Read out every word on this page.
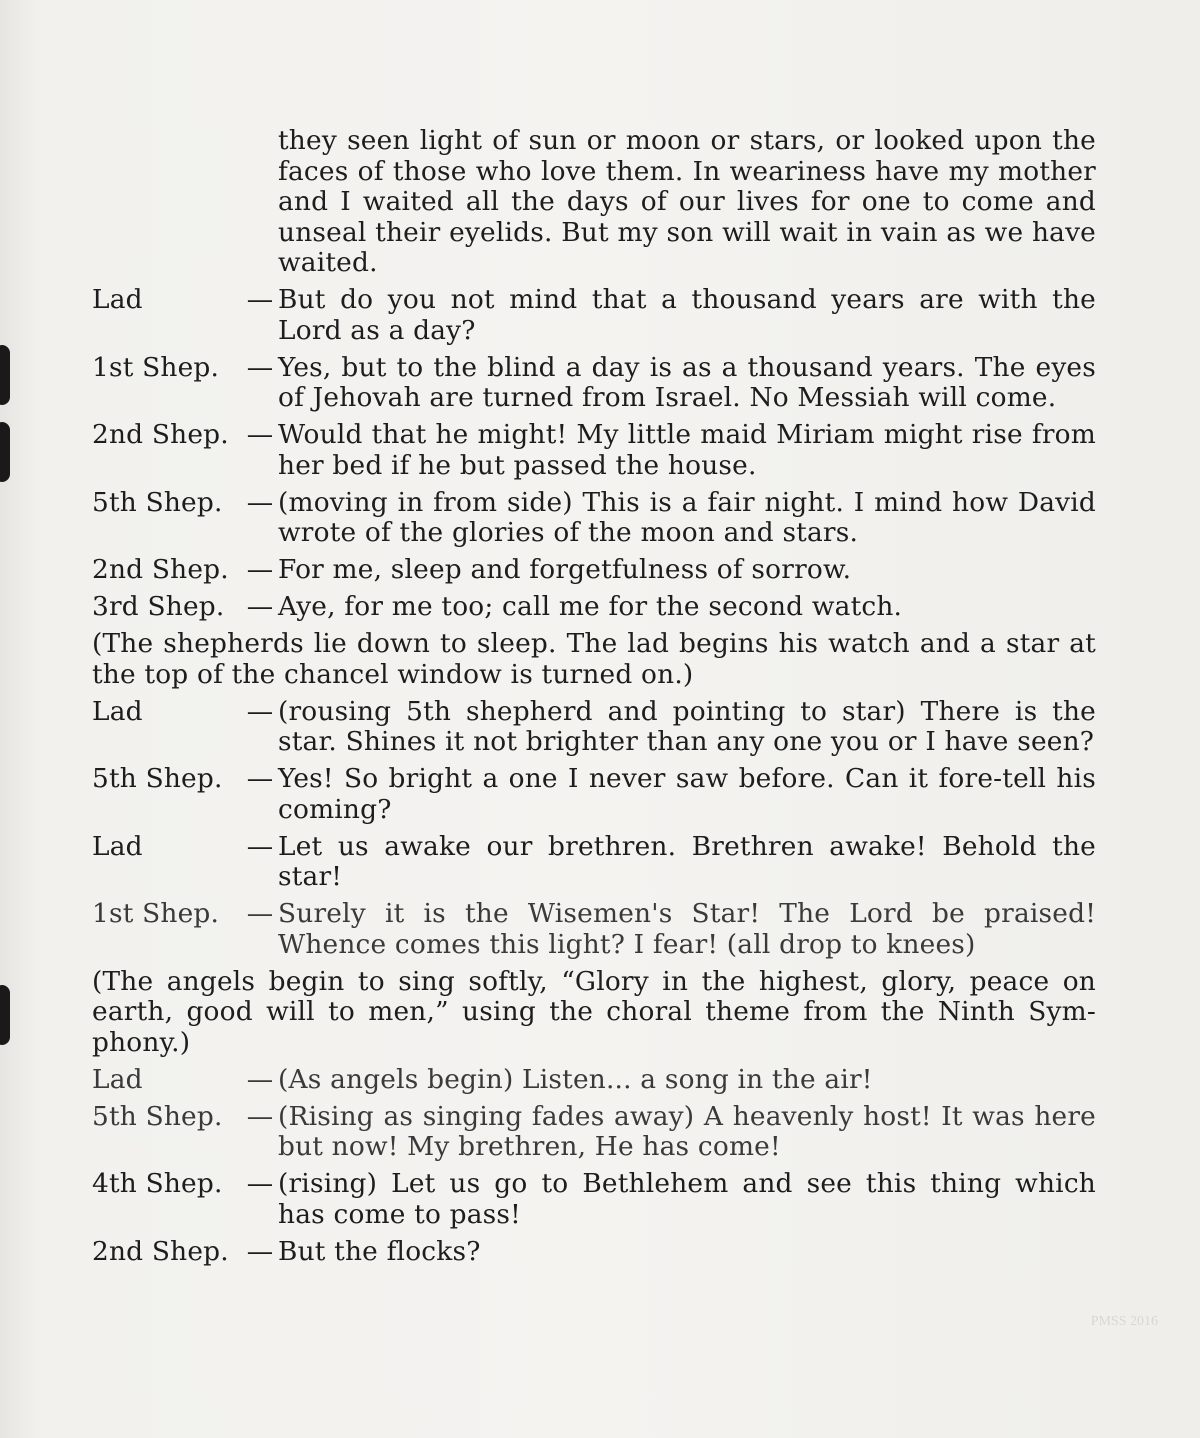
they seen light of sun or moon or stars, or looked upon the faces of those who love them. In weariness have my mother and I waited all the days of our lives for one to come and unseal their eyelids. But my son will wait in vain as we have waited.
Lad	— But do you not mind that a thousand years are with the Lord as a day?
1st Shep.	— Yes, but to the blind a day is as a thousand years. The eyes of Jehovah are turned from Israel. No Messiah will come.
2nd Shep. — Would that he might! My little maid Miriam might rise from her bed if he but passed the house.
5th Shep. — (moving in from side) This is a fair night. I mind how David wrote of the glories of the moon and stars.
2nd Shep. — For me, sleep and forgetfulness of sorrow.
3rd Shep. — Aye, for me too; call me for the second watch.
(The shepherds lie down to sleep. The lad begins his watch and a star at the top of the chancel window is turned on.)
Lad	— (rousing 5th shepherd and pointing to star) There is the star. Shines it not brighter than any one you or I have seen?
5th Shep. — Yes! So bright a one I never saw before. Can it fore-tell his coming?
Lad	— Let us awake our brethren. Brethren awake! Behold the star!
1st Shep.	— Surely it is the Wisemen's Star! The Lord be praised! Whence comes this light? I fear! (all drop to knees)
(The angels begin to sing softly, “Glory in the highest, glory, peace on earth, good will to men,” using the choral theme from the Ninth Sym-phony.)
Lad	— (As angels begin) Listen... a song in the air!
5th Shep. — (Rising as singing fades away) A heavenly host! It was here but now! My brethren, He has come!
4th Shep. — (rising) Let us go to Bethlehem and see this thing which has come to pass!
2nd Shep. — But the flocks?
PMSS 2016
